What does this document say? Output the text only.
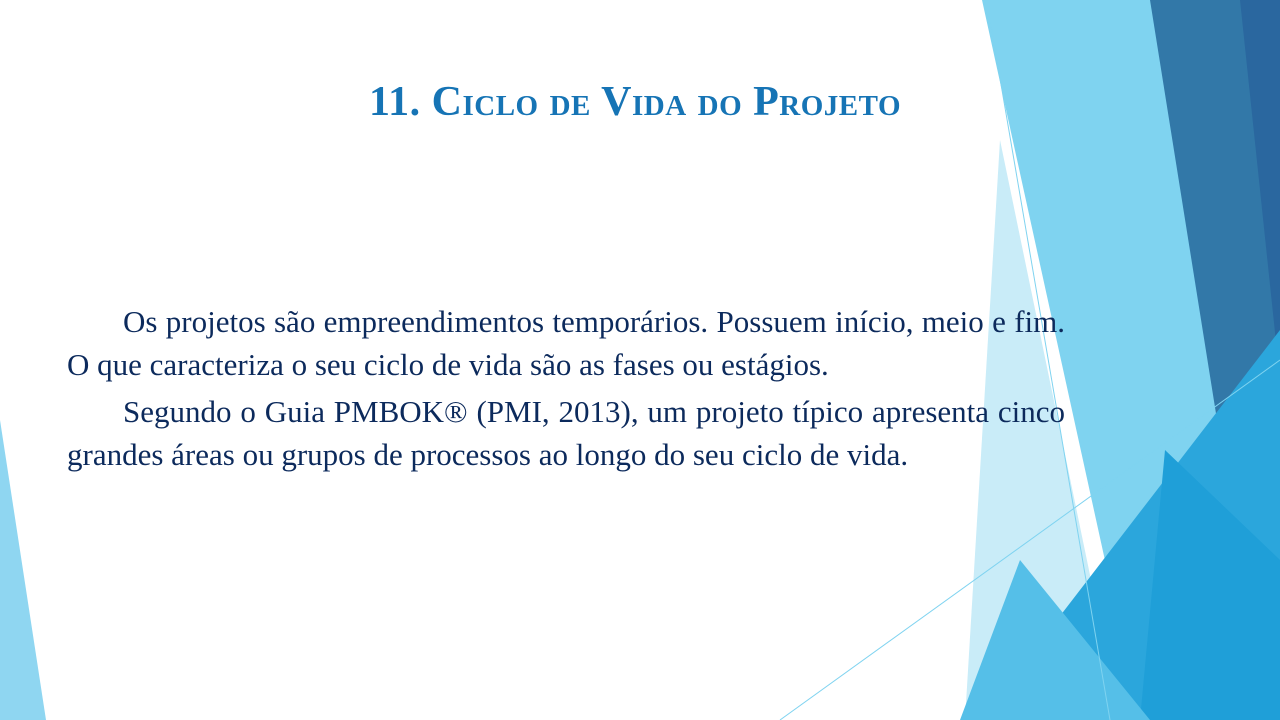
11. Ciclo de Vida do Projeto

Os projetos são empreendimentos temporários. Possuem início, meio e fim. O que caracteriza o seu ciclo de vida são as fases ou estágios.

Segundo o Guia PMBOK® (PMI, 2013), um projeto típico apresenta cinco grandes áreas ou grupos de processos ao longo do seu ciclo de vida.
